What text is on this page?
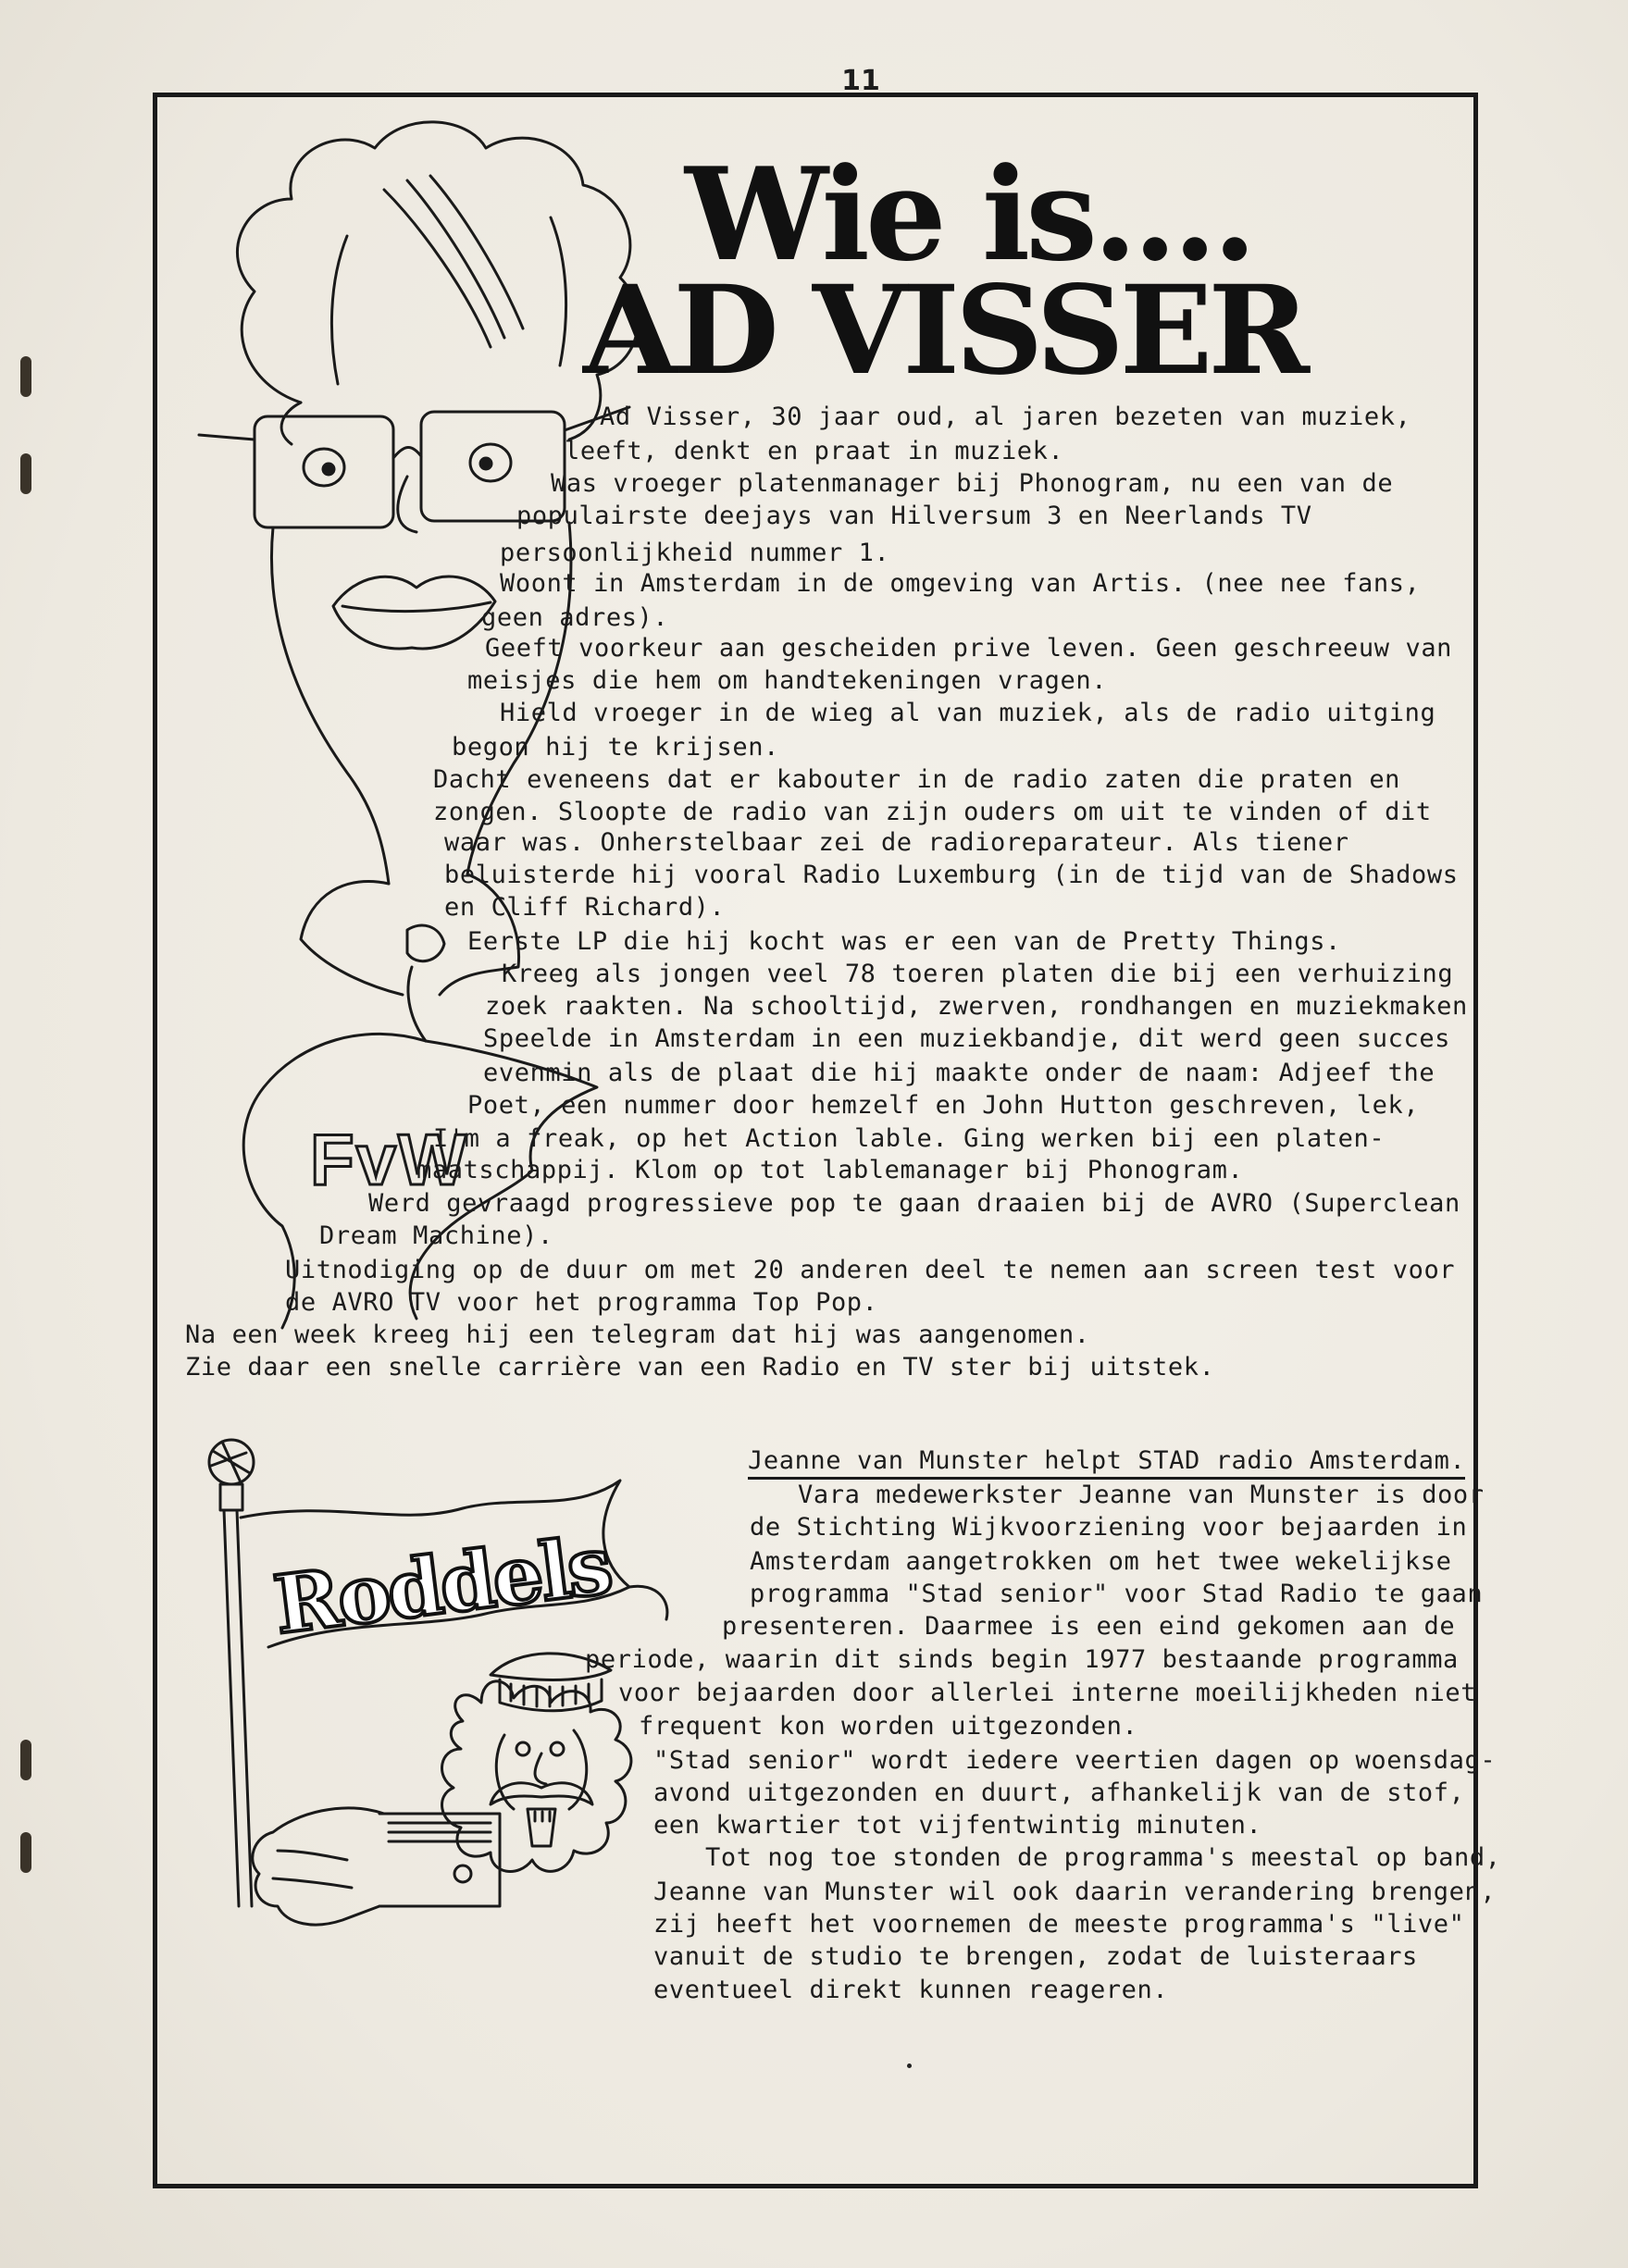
11
FvW
Wie is....
AD VISSER
Ad Visser, 30 jaar oud, al jaren bezeten van muziek,
leeft, denkt en praat in muziek.
Was vroeger platenmanager bij Phonogram, nu een van de
populairste deejays van Hilversum 3 en Neerlands TV
persoonlijkheid nummer 1.
Woont in Amsterdam in de omgeving van Artis. (nee nee fans,
geen adres).
Geeft voorkeur aan gescheiden prive leven. Geen geschreeuw van
meisjes die hem om handtekeningen vragen.
Hield vroeger in de wieg al van muziek, als de radio uitging
begon hij te krijsen.
Dacht eveneens dat er kabouter in de radio zaten die praten en
zongen. Sloopte de radio van zijn ouders om uit te vinden of dit
waar was. Onherstelbaar zei de radioreparateur. Als tiener
beluisterde hij vooral Radio Luxemburg (in de tijd van de Shadows
en Cliff Richard).
Eerste LP die hij kocht was er een van de Pretty Things.
Kreeg als jongen veel 78 toeren platen die bij een verhuizing
zoek raakten. Na schooltijd, zwerven, rondhangen en muziekmaken.
Speelde in Amsterdam in een muziekbandje, dit werd geen succes
evenmin als de plaat die hij maakte onder de naam: Adjeef the
Poet, een nummer door hemzelf en John Hutton geschreven, lek,
I'm a freak, op het Action lable. Ging werken bij een platen-
maatschappij. Klom op tot lablemanager bij Phonogram.
Werd gevraagd progressieve pop te gaan draaien bij de AVRO (Superclean
Dream Machine).
Uitnodiging op de duur om met 20 anderen deel te nemen aan screen test voor
de AVRO TV voor het programma Top Pop.
Na een week kreeg hij een telegram dat hij was aangenomen.
Zie daar een snelle carrière van een Radio en TV ster bij uitstek.
Roddels
Jeanne van Munster helpt STAD radio Amsterdam.
Vara medewerkster Jeanne van Munster is door
de Stichting Wijkvoorziening voor bejaarden in
Amsterdam aangetrokken om het twee wekelijkse
programma "Stad senior" voor Stad Radio te gaan
presenteren. Daarmee is een eind gekomen aan de
periode, waarin dit sinds begin 1977 bestaande programma
voor bejaarden door allerlei interne moeilijkheden niet
frequent kon worden uitgezonden.
"Stad senior" wordt iedere veertien dagen op woensdag-
avond uitgezonden en duurt, afhankelijk van de stof,
een kwartier tot vijfentwintig minuten.
Tot nog toe stonden de programma's meestal op band,
Jeanne van Munster wil ook daarin verandering brengen,
zij heeft het voornemen de meeste programma's "live"
vanuit de studio te brengen, zodat de luisteraars
eventueel direkt kunnen reageren.
